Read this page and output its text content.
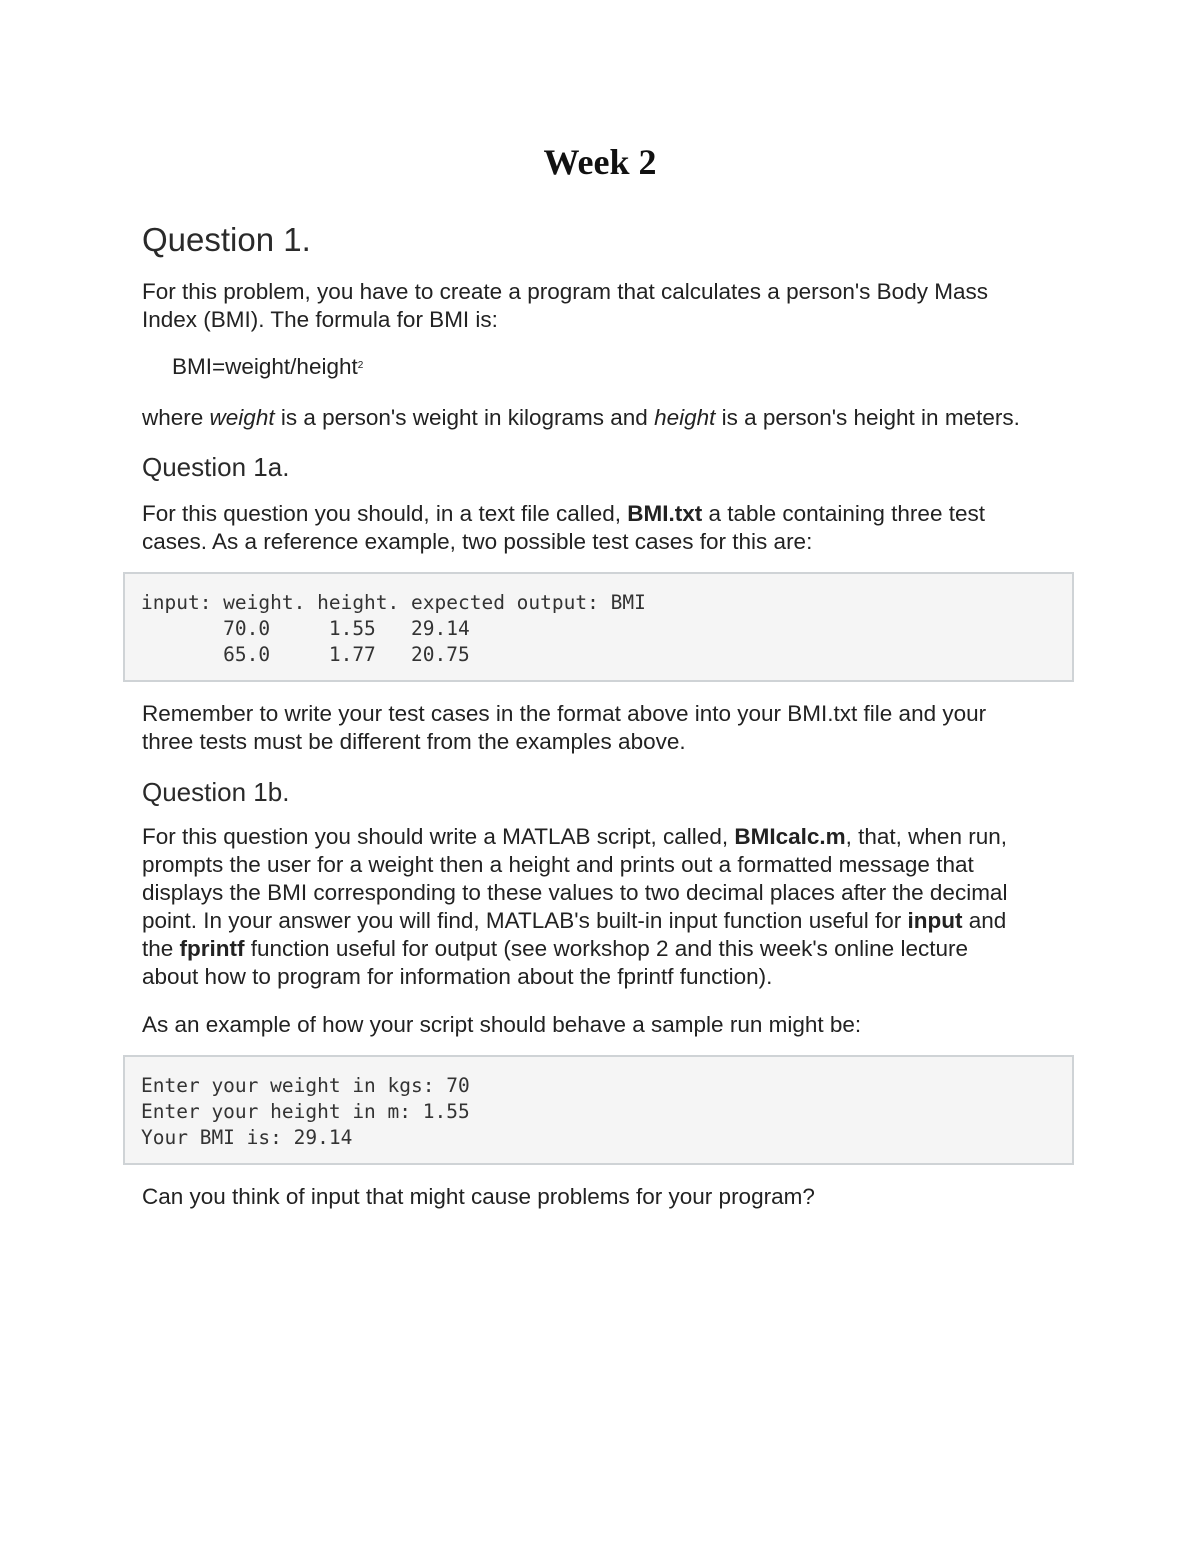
Week 2
Question 1.
For this problem, you have to create a program that calculates a person's Body Mass
Index (BMI). The formula for BMI is:
BMI=weight/height$^2$
where weight is a person's weight in kilograms and height is a person's height in meters.
Question 1a.
For this question you should, in a text file called, BMI.txt a table containing three test
cases. As a reference example, two possible test cases for this are:
input: weight. height. expected output: BMI
70.0     1.55   29.14
65.0     1.77   20.75
Remember to write your test cases in the format above into your BMI.txt file and your
three tests must be different from the examples above.
Question 1b.
For this question you should write a MATLAB script, called, BMIcalc.m, that, when run,
prompts the user for a weight then a height and prints out a formatted message that
displays the BMI corresponding to these values to two decimal places after the decimal
point. In your answer you will find, MATLAB's built-in input function useful for input and
the fprintf function useful for output (see workshop 2 and this week's online lecture
about how to program for information about the fprintf function).
As an example of how your script should behave a sample run might be:
Enter your weight in kgs: 70
Enter your height in m: 1.55
Your BMI is: 29.14
Can you think of input that might cause problems for your program?
